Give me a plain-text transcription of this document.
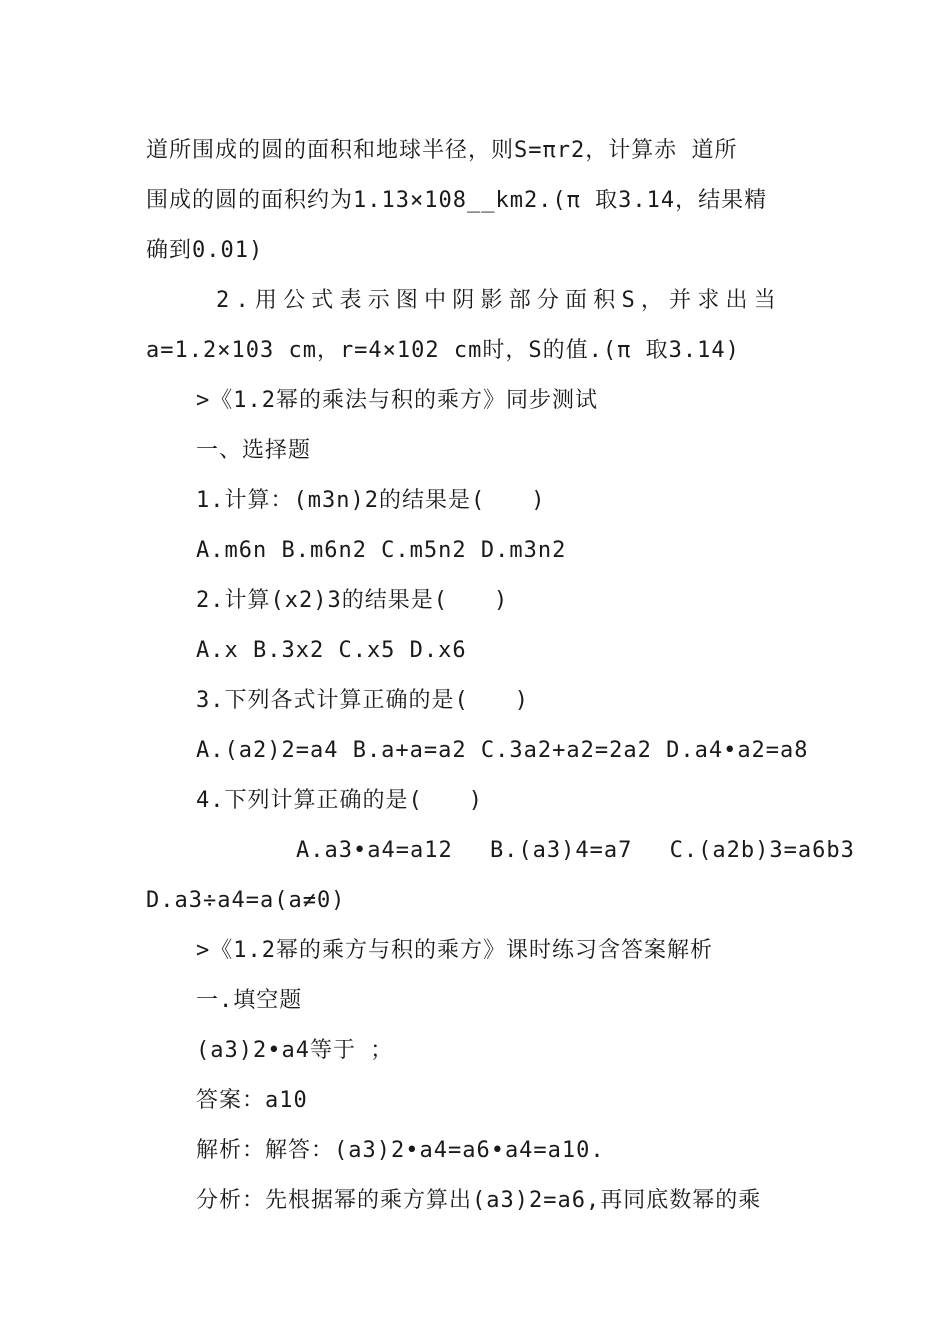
道所围成的圆的面积和地球半径，则S=πr2，计算赤 道所
围成的圆的面积约为1.13×108__km2.(π 取3.14，结果精
确到0.01)
2.用公式表示图中阴影部分面积S，并求出当
a=1.2×103 cm，r=4×102 cm时，S的值.(π 取3.14)
>《1.2幂的乘法与积的乘方》同步测试
一、选择题
1.计算：(m3n)2的结果是(　　)
A.m6n B.m6n2 C.m5n2 D.m3n2
2.计算(x2)3的结果是(　　)
A.x B.3x2 C.x5 D.x6
3.下列各式计算正确的是(　　)
A.(a2)2=a4 B.a+a=a2 C.3a2+a2=2a2 D.a4•a2=a8
4.下列计算正确的是(　　)
A.a3•a4=a12　 B.(a3)4=a7　 C.(a2b)3=a6b3
D.a3÷a4=a(a≠0)
>《1.2幂的乘方与积的乘方》课时练习含答案解析
一.填空题
(a3)2•a4等于 ；
答案：a10
解析：解答：(a3)2•a4=a6•a4=a10.
分析：先根据幂的乘方算出(a3)2=a6,再同底数幂的乘
